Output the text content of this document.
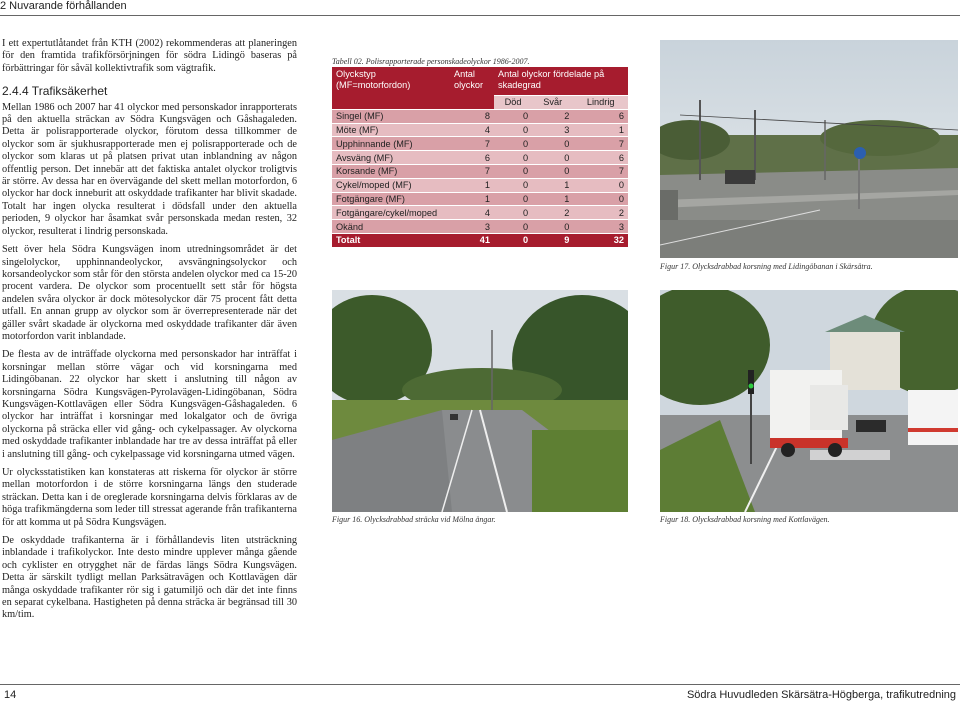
2 Nuvarande förhållanden

I ett expertutlåtandet från KTH (2002) rekommenderas att planeringen för den framtida trafikförsörjningen för södra Lidingö baseras på förbättringar för såväl kollektivtrafik som vägtrafik.

2.4.4 Trafiksäkerhet

Mellan 1986 och 2007 har 41 olyckor med personskador inrapporterats på den aktuella sträckan av Södra Kungsvägen och Gåshagaleden. Detta är polisrapporterade olyckor, förutom dessa tillkommer de olyckor som är sjukhusrapporterade men ej polisrapporterade och de olyckor som klaras ut på platsen privat utan inblandning av någon offentlig person. Det innebär att det faktiska antalet olyckor troligtvis är större. Av dessa har en övervägande del skett mellan motorfordon, 6 olyckor har dock inneburit att oskyddade trafikanter har blivit skadade. Totalt har ingen olycka resulterat i dödsfall under den aktuella perioden, 9 olyckor har åsamkat svår personskada medan resten, 32 olyckor, resulterat i lindrig personskada.

Sett över hela Södra Kungsvägen inom utredningsområdet är det singelolyckor, upphinnandeolyckor, avsvängningsolyckor och korsandeolyckor som står för den största andelen olyckor med ca 15-20 procent vardera. De olyckor som procentuellt sett står för högsta andelen svåra olyckor är dock mötesolyckor där 75 procent fått detta utfall. En annan grupp av olyckor som är överrepresenterade när det gäller svårt skadade är olyckorna med oskyddade trafikanter där även motorfordon varit inblandade.

De flesta av de inträffade olyckorna med personskador har inträffat i korsningar mellan större vägar och vid korsningarna med Lidingöbanan. 22 olyckor har skett i anslutning till någon av korsningarna Södra Kungsvägen-Pyrolavägen-Lidingöbanan, Södra Kungsvägen-Kottlavägen eller Södra Kungsvägen-Gåshagaleden. 6 olyckor har inträffat i korsningar med lokalgator och de övriga olyckorna på sträcka eller vid gång- och cykelpassager. Av olyckorna med oskyddade trafikanter inblandade har tre av dessa inträffat på eller i anslutning till gång- och cykelpassage vid korsningarna utmed vägen.

Ur olycksstatistiken kan konstateras att riskerna för olyckor är större mellan motorfordon i de större korsningarna längs den studerade sträckan. Detta kan i de oreglerade korsningarna delvis förklaras av de höga trafikmängderna som leder till stressat agerande från trafikanterna för att komma ut på Södra Kungsvägen.

De oskyddade trafikanterna är i förhållandevis liten utsträckning inblandade i trafikolyckor. Inte desto mindre upplever många gående och cyklister en otrygghet när de färdas längs Södra Kungsvägen. Detta är särskilt tydligt mellan Parksätravägen och Kottlavägen där många oskyddade trafikanter rör sig i gatumiljö och där det inte finns en separat cykelbana. Hastigheten på denna sträcka är begränsad till 30 km/tim.

Tabell 02. Polisrapporterade personskadeolyckor 1986-2007.
Olyckstyp (MF=motorfordon)	Antal olyckor	Antal olyckor fördelade på skadegrad		
		Död	Svår	Lindrig
Singel (MF)	8	0	2	6
Möte (MF)	4	0	3	1
Upphinnande (MF)	7	0	0	7
Avsväng (MF)	6	0	0	6
Korsande (MF)	7	0	0	7
Cykel/moped (MF)	1	0	1	0
Fotgängare (MF)	1	0	1	0
Fotgängare/cykel/moped	4	0	2	2
Okänd	3	0	0	3
Totalt	41	0	9	32
Figur 17. Olycksdrabbad korsning med Lidingöbanan i Skärsätra.
Figur 16. Olycksdrabbad sträcka vid Mölna ängar.	Figur 18. Olycksdrabbad korsning med Kottlavägen.
14	Södra Huvudleden Skärsätra-Högberga, trafikutredning
